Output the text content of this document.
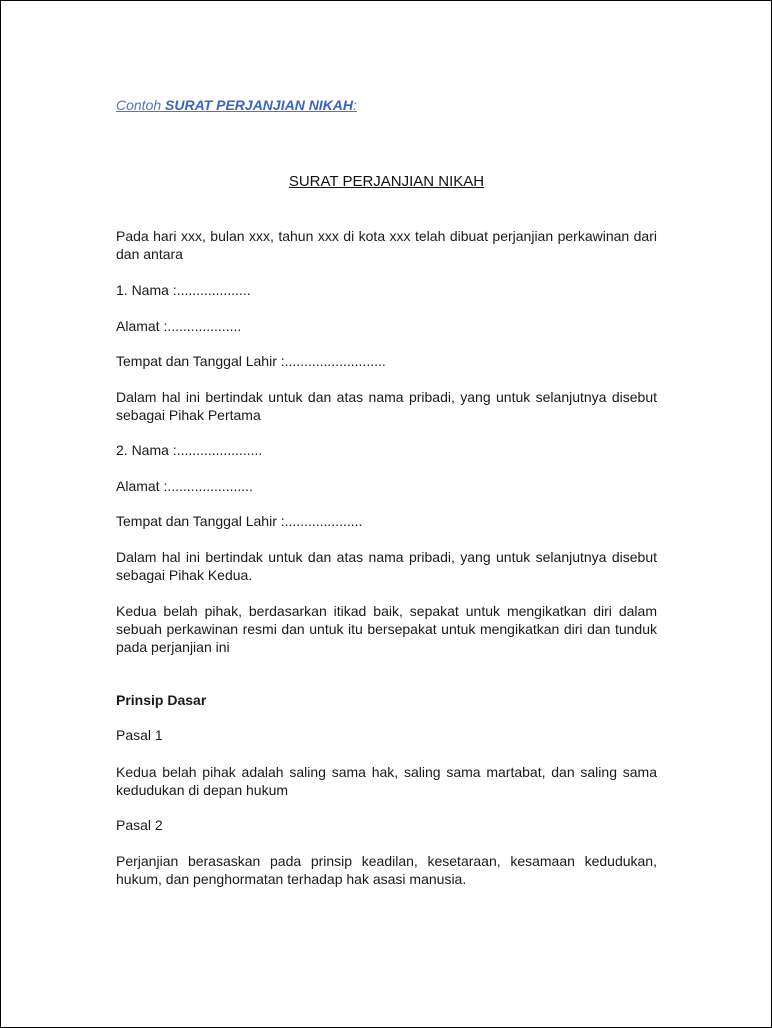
Contoh SURAT PERJANJIAN NIKAH:
SURAT PERJANJIAN NIKAH

Pada hari xxx, bulan xxx, tahun xxx di kota xxx telah dibuat perjanjian perkawinan dari dan antara

1. Nama :...................

Alamat :...................

Tempat dan Tanggal Lahir :..........................

Dalam hal ini bertindak untuk dan atas nama pribadi, yang untuk selanjutnya disebut sebagai Pihak Pertama

2. Nama :......................

Alamat :......................

Tempat dan Tanggal Lahir :....................

Dalam hal ini bertindak untuk dan atas nama pribadi, yang untuk selanjutnya disebut sebagai Pihak Kedua.

Kedua belah pihak, berdasarkan itikad baik, sepakat untuk mengikatkan diri dalam sebuah perkawinan resmi dan untuk itu bersepakat untuk mengikatkan diri dan tunduk pada perjanjian ini

Prinsip Dasar

Pasal 1

Kedua belah pihak adalah saling sama hak, saling sama martabat, dan saling sama kedudukan di depan hukum

Pasal 2

Perjanjian berasaskan pada prinsip keadilan, kesetaraan, kesamaan kedudukan, hukum, dan penghormatan terhadap hak asasi manusia.
